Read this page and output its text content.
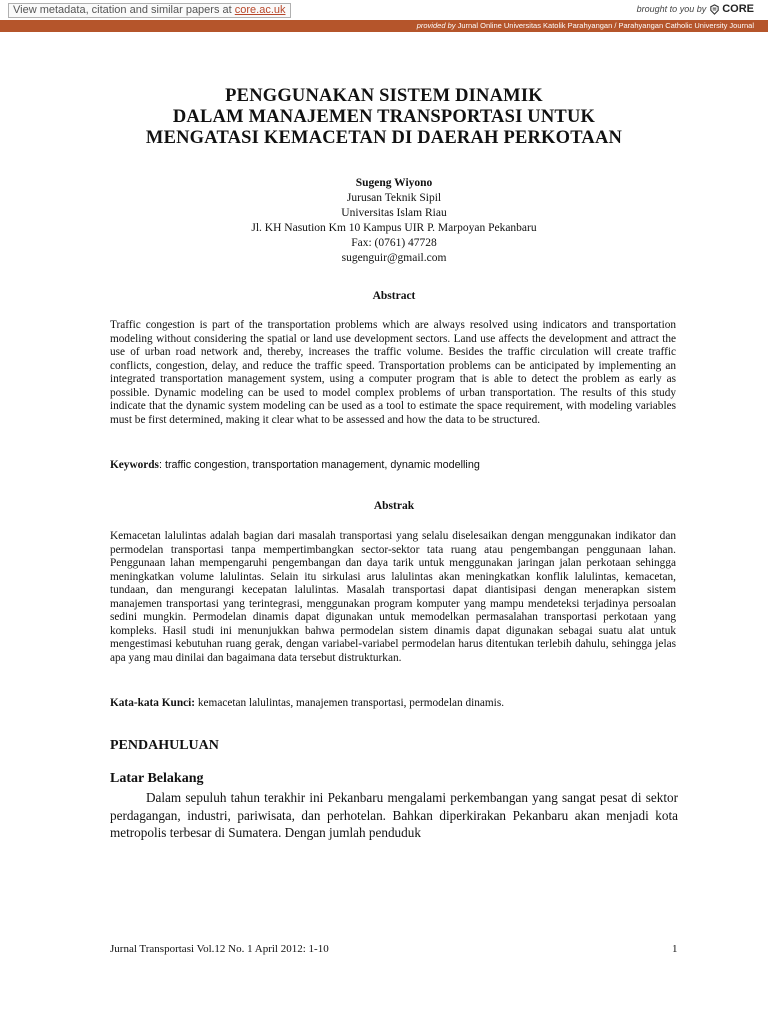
View metadata, citation and similar papers at core.ac.uk	brought to you by CORE
provided by Jurnal Online Universitas Katolik Parahyangan / Parahyangan Catholic University Journal
PENGGUNAKAN SISTEM DINAMIK
DALAM MANAJEMEN TRANSPORTASI UNTUK
MENGATASI KEMACETAN DI DAERAH PERKOTAAN
Sugeng Wiyono
Jurusan Teknik Sipil
Universitas Islam Riau
Jl. KH Nasution Km 10 Kampus UIR P. Marpoyan Pekanbaru
Fax: (0761) 47728
sugenguir@gmail.com
Abstract
Traffic congestion is part of the transportation problems which are always resolved using indicators and transportation modeling without considering the spatial or land use development sectors. Land use affects the development and attract the use of urban road network and, thereby, increases the traffic volume. Besides the traffic circulation will create traffic conflicts, congestion, delay, and reduce the traffic speed. Transportation problems can be anticipated by implementing an integrated transportation management system, using a computer program that is able to detect the problem as early as possible. Dynamic modeling can be used to model complex problems of urban transportation. The results of this study indicate that the dynamic system modeling can be used as a tool to estimate the space requirement, with modeling variables must be first determined, making it clear what to be assessed and how the data to be structured.
Keywords: traffic congestion, transportation management, dynamic modelling
Abstrak
Kemacetan lalulintas adalah bagian dari masalah transportasi yang selalu diselesaikan dengan menggunakan indikator dan permodelan transportasi tanpa mempertimbangkan sector-sektor tata ruang atau pengembangan penggunaan lahan. Penggunaan lahan mempengaruhi pengembangan dan daya tarik untuk menggunakan jaringan jalan perkotaan sehingga meningkatkan volume lalulintas. Selain itu sirkulasi arus lalulintas akan meningkatkan konflik lalulintas, kemacetan, tundaan, dan mengurangi kecepatan lalulintas. Masalah transportasi dapat diantisipasi dengan menerapkan sistem manajemen transportasi yang terintegrasi, menggunakan program komputer yang mampu mendeteksi terjadinya persoalan sedini mungkin. Permodelan dinamis dapat digunakan untuk memodelkan permasalahan transportasi perkotaan yang kompleks. Hasil studi ini menunjukkan bahwa permodelan sistem dinamis dapat digunakan sebagai suatu alat untuk mengestimasi kebutuhan ruang gerak, dengan variabel-variabel permodelan harus ditentukan terlebih dahulu, sehingga jelas apa yang mau dinilai dan bagaimana data tersebut distrukturkan.
Kata-kata Kunci: kemacetan lalulintas, manajemen transportasi, permodelan dinamis.
PENDAHULUAN
Latar Belakang
Dalam sepuluh tahun terakhir ini Pekanbaru mengalami perkembangan yang sangat pesat di sektor perdagangan, industri, pariwisata, dan perhotelan. Bahkan diperkirakan Pekanbaru akan menjadi kota metropolis terbesar di Sumatera. Dengan jumlah penduduk
Jurnal Transportasi Vol.12 No. 1 April 2012: 1-10	1
